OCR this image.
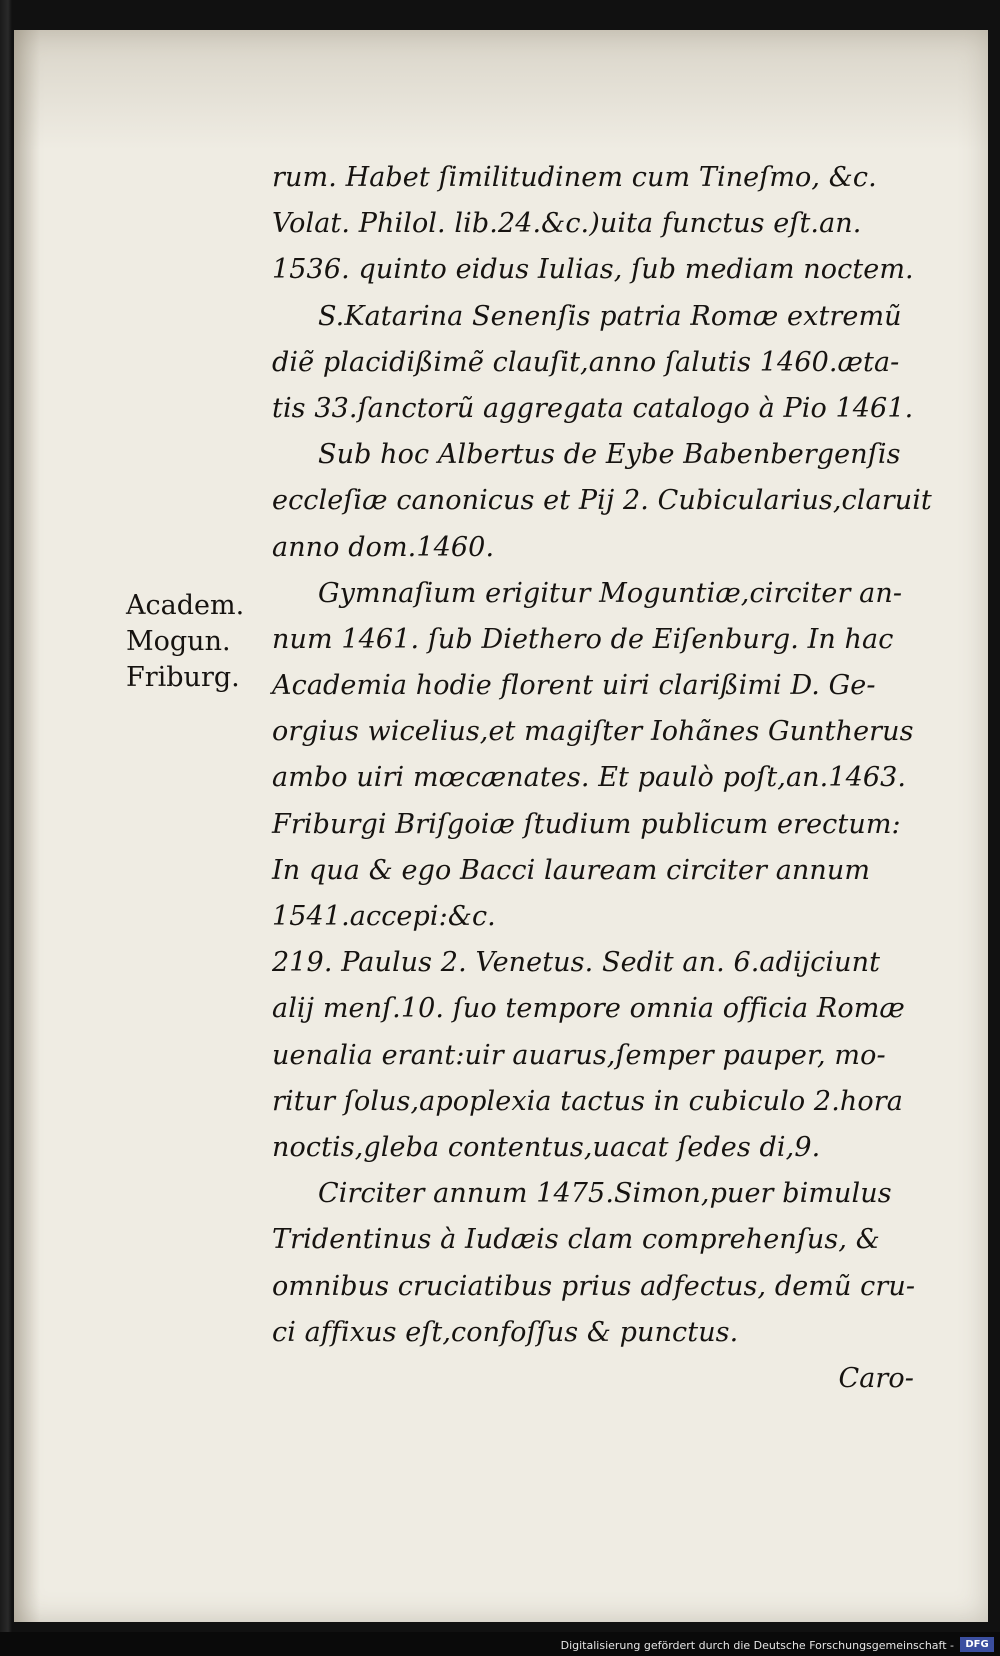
Academ.
Mogun.
Friburg.
rum. Habet ſimilitudinem cum Tineſmo, &c.
Volat. Philol. lib.24.&c.)uita functus eſt.an.
1536. quinto eidus Iulias, ſub mediam noctem.
S.Katarina Senenſis patria Romæ extremũ
diẽ placidißimẽ clauſit,anno ſalutis 1460.æta-
tis 33.ſanctorũ aggregata catalogo à Pio 1461.
Sub hoc Albertus de Eybe Babenbergenſis
eccleſiæ canonicus et Pij 2. Cubicularius,claruit
anno dom.1460.
Gymnaſium erigitur Moguntiæ,circiter an-
num 1461. ſub Diethero de Eiſenburg. In hac
Academia hodie florent uiri clarißimi D. Ge-
orgius wicelius,et magiſter Iohãnes Guntherus
ambo uiri mœcænates. Et paulò poſt,an.1463.
Friburgi Briſgoiæ ſtudium publicum erectum:
In qua & ego Bacci lauream circiter annum
1541.accepi:&c.
219. Paulus 2. Venetus. Sedit an. 6.adijciunt
alij menſ.10. ſuo tempore omnia officia Romæ
uenalia erant:uir auarus,ſemper pauper, mo-
ritur ſolus,apoplexia tactus in cubiculo 2.hora
noctis,gleba contentus,uacat ſedes di,9.
Circiter annum 1475.Simon,puer bimulus
Tridentinus à Iudæis clam comprehenſus, &
omnibus cruciatibus prius adfectus, demũ cru-
ci affixus eſt,confoſſus & punctus.
Caro-
Digitalisierung gefördert durch die Deutsche Forschungsgemeinschaft -	DFG
